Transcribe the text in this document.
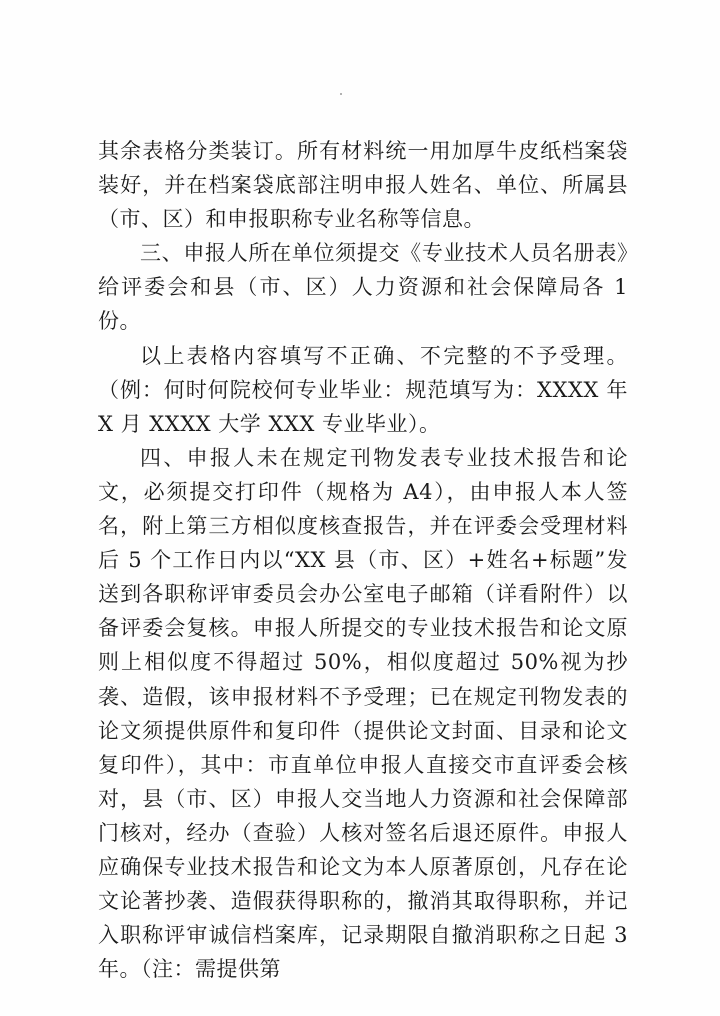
其余表格分类装订。所有材料统一用加厚牛皮纸档案袋装好，并在档案袋底部注明申报人姓名、单位、所属县（市、区）和申报职称专业名称等信息。

三、申报人所在单位须提交《专业技术人员名册表》给评委会和县（市、区）人力资源和社会保障局各 1 份。

以上表格内容填写不正确、不完整的不予受理。（例：何时何院校何专业毕业：规范填写为：XXXX 年 X 月 XXXX 大学 XXX 专业毕业）。

四、申报人未在规定刊物发表专业技术报告和论文，必须提交打印件（规格为 A4），由申报人本人签名，附上第三方相似度核查报告，并在评委会受理材料后 5 个工作日内以“XX 县（市、区）+姓名+标题”发送到各职称评审委员会办公室电子邮箱（详看附件）以备评委会复核。申报人所提交的专业技术报告和论文原则上相似度不得超过 50%，相似度超过 50%视为抄袭、造假，该申报材料不予受理；已在规定刊物发表的论文须提供原件和复印件（提供论文封面、目录和论文复印件），其中：市直单位申报人直接交市直评委会核对，县（市、区）申报人交当地人力资源和社会保障部门核对，经办（查验）人核对签名后退还原件。申报人应确保专业技术报告和论文为本人原著原创，凡存在论文论著抄袭、造假获得职称的，撤消其取得职称，并记入职称评审诚信档案库，记录期限自撤消职称之日起 3 年。（注：需提供第
